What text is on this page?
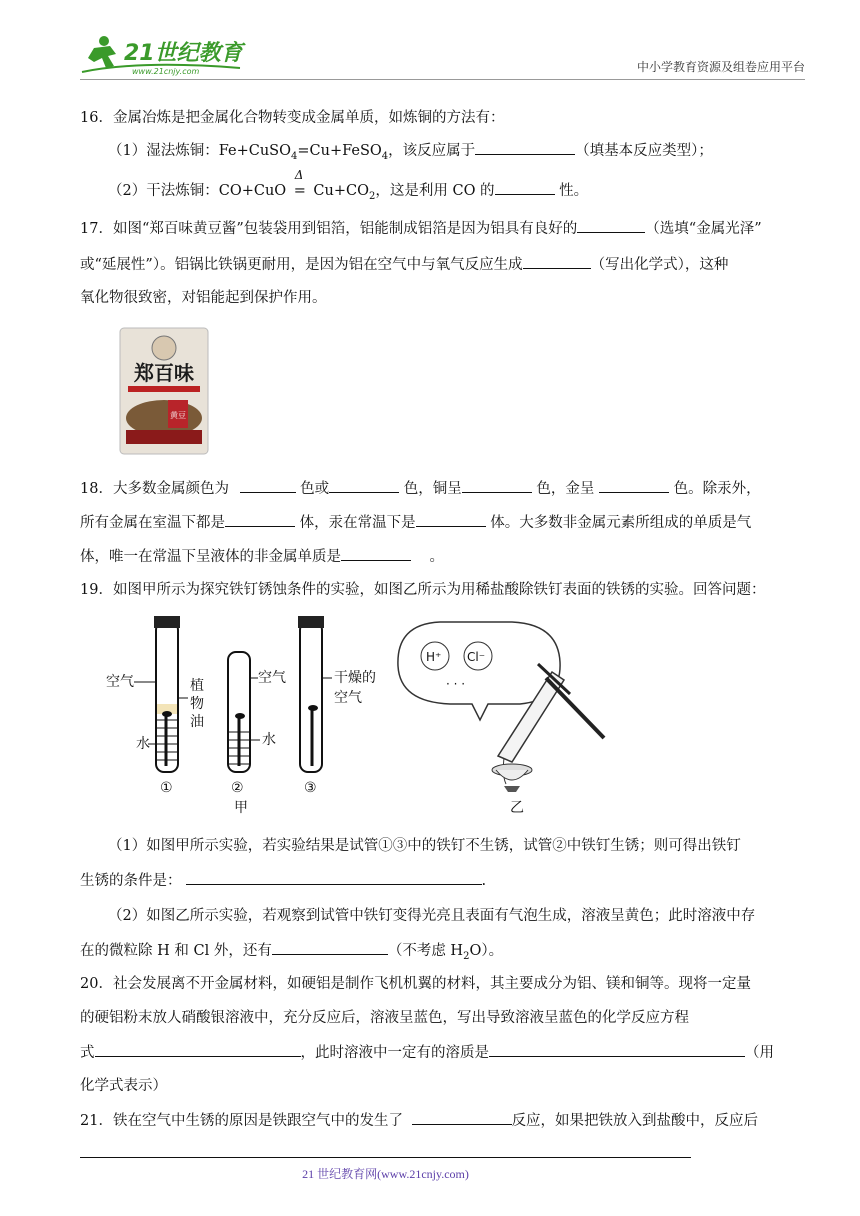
21世纪教育
www.21cnjy.com	中小学教育资源及组卷应用平台
16．金属冶炼是把金属化合物转变成金属单质，如炼铜的方法有：
（1）湿法炼铜：Fe+CuSO$_4$=Cu+FeSO$_4$，该反应属于	（填基本反应类型）；
（2）干法炼铜：CO+CuO
Δ
= $Cu+CO_2$，这是利用 CO 的	性。
17．如图“郑百味黄豆酱”包装袋用到铝箔，铝能制成铝箔是因为铝具有良好的	（选填“金属光泽”
或“延展性”）。铝锅比铁锅更耐用，是因为铝在空气中与氧气反应生成	（写出化学式），这种
氧化物很致密，对铝能起到保护作用。
郑百味
黄豆
18．大多数金属颜色为	色或	色，铜呈	色，金呈	色。除汞外，
所有金属在室温下都是	体，汞在常温下是	体。大多数非金属元素所组成的单质是气
体，唯一在常温下呈液体的非金属单质是	。
19．如图甲所示为探究铁钉锈蚀条件的实验，如图乙所示为用稀盐酸除铁钉表面的铁锈的实验。回答问题：
空气	植
物
油
水
①
空气
水
②
甲
干燥的
空气
③
H⁺ Cl⁻
· · ·
乙
（1）如图甲所示实验，若实验结果是试管①③中的铁钉不生锈，试管②中铁钉生锈；则可得出铁钉
生锈的条件是：	.
（2）如图乙所示实验，若观察到试管中铁钉变得光亮且表面有气泡生成，溶液呈黄色；此时溶液中存
在的微粒除 H 和 Cl 外，还有	（不考虑 $H_2O$）。
20．社会发展离不开金属材料，如硬铝是制作飞机机翼的材料，其主要成分为铝、镁和铜等。现将一定量
的硬铝粉末放人硝酸银溶液中，充分反应后，溶液呈蓝色，写出导致溶液呈蓝色的化学反应方程
式	，此时溶液中一定有的溶质是	（用
化学式表示）
21．铁在空气中生锈的原因是铁跟空气中的发生了	反应，如果把铁放入到盐酸中，反应后
21 世纪教育网(www.21cnjy.com)
